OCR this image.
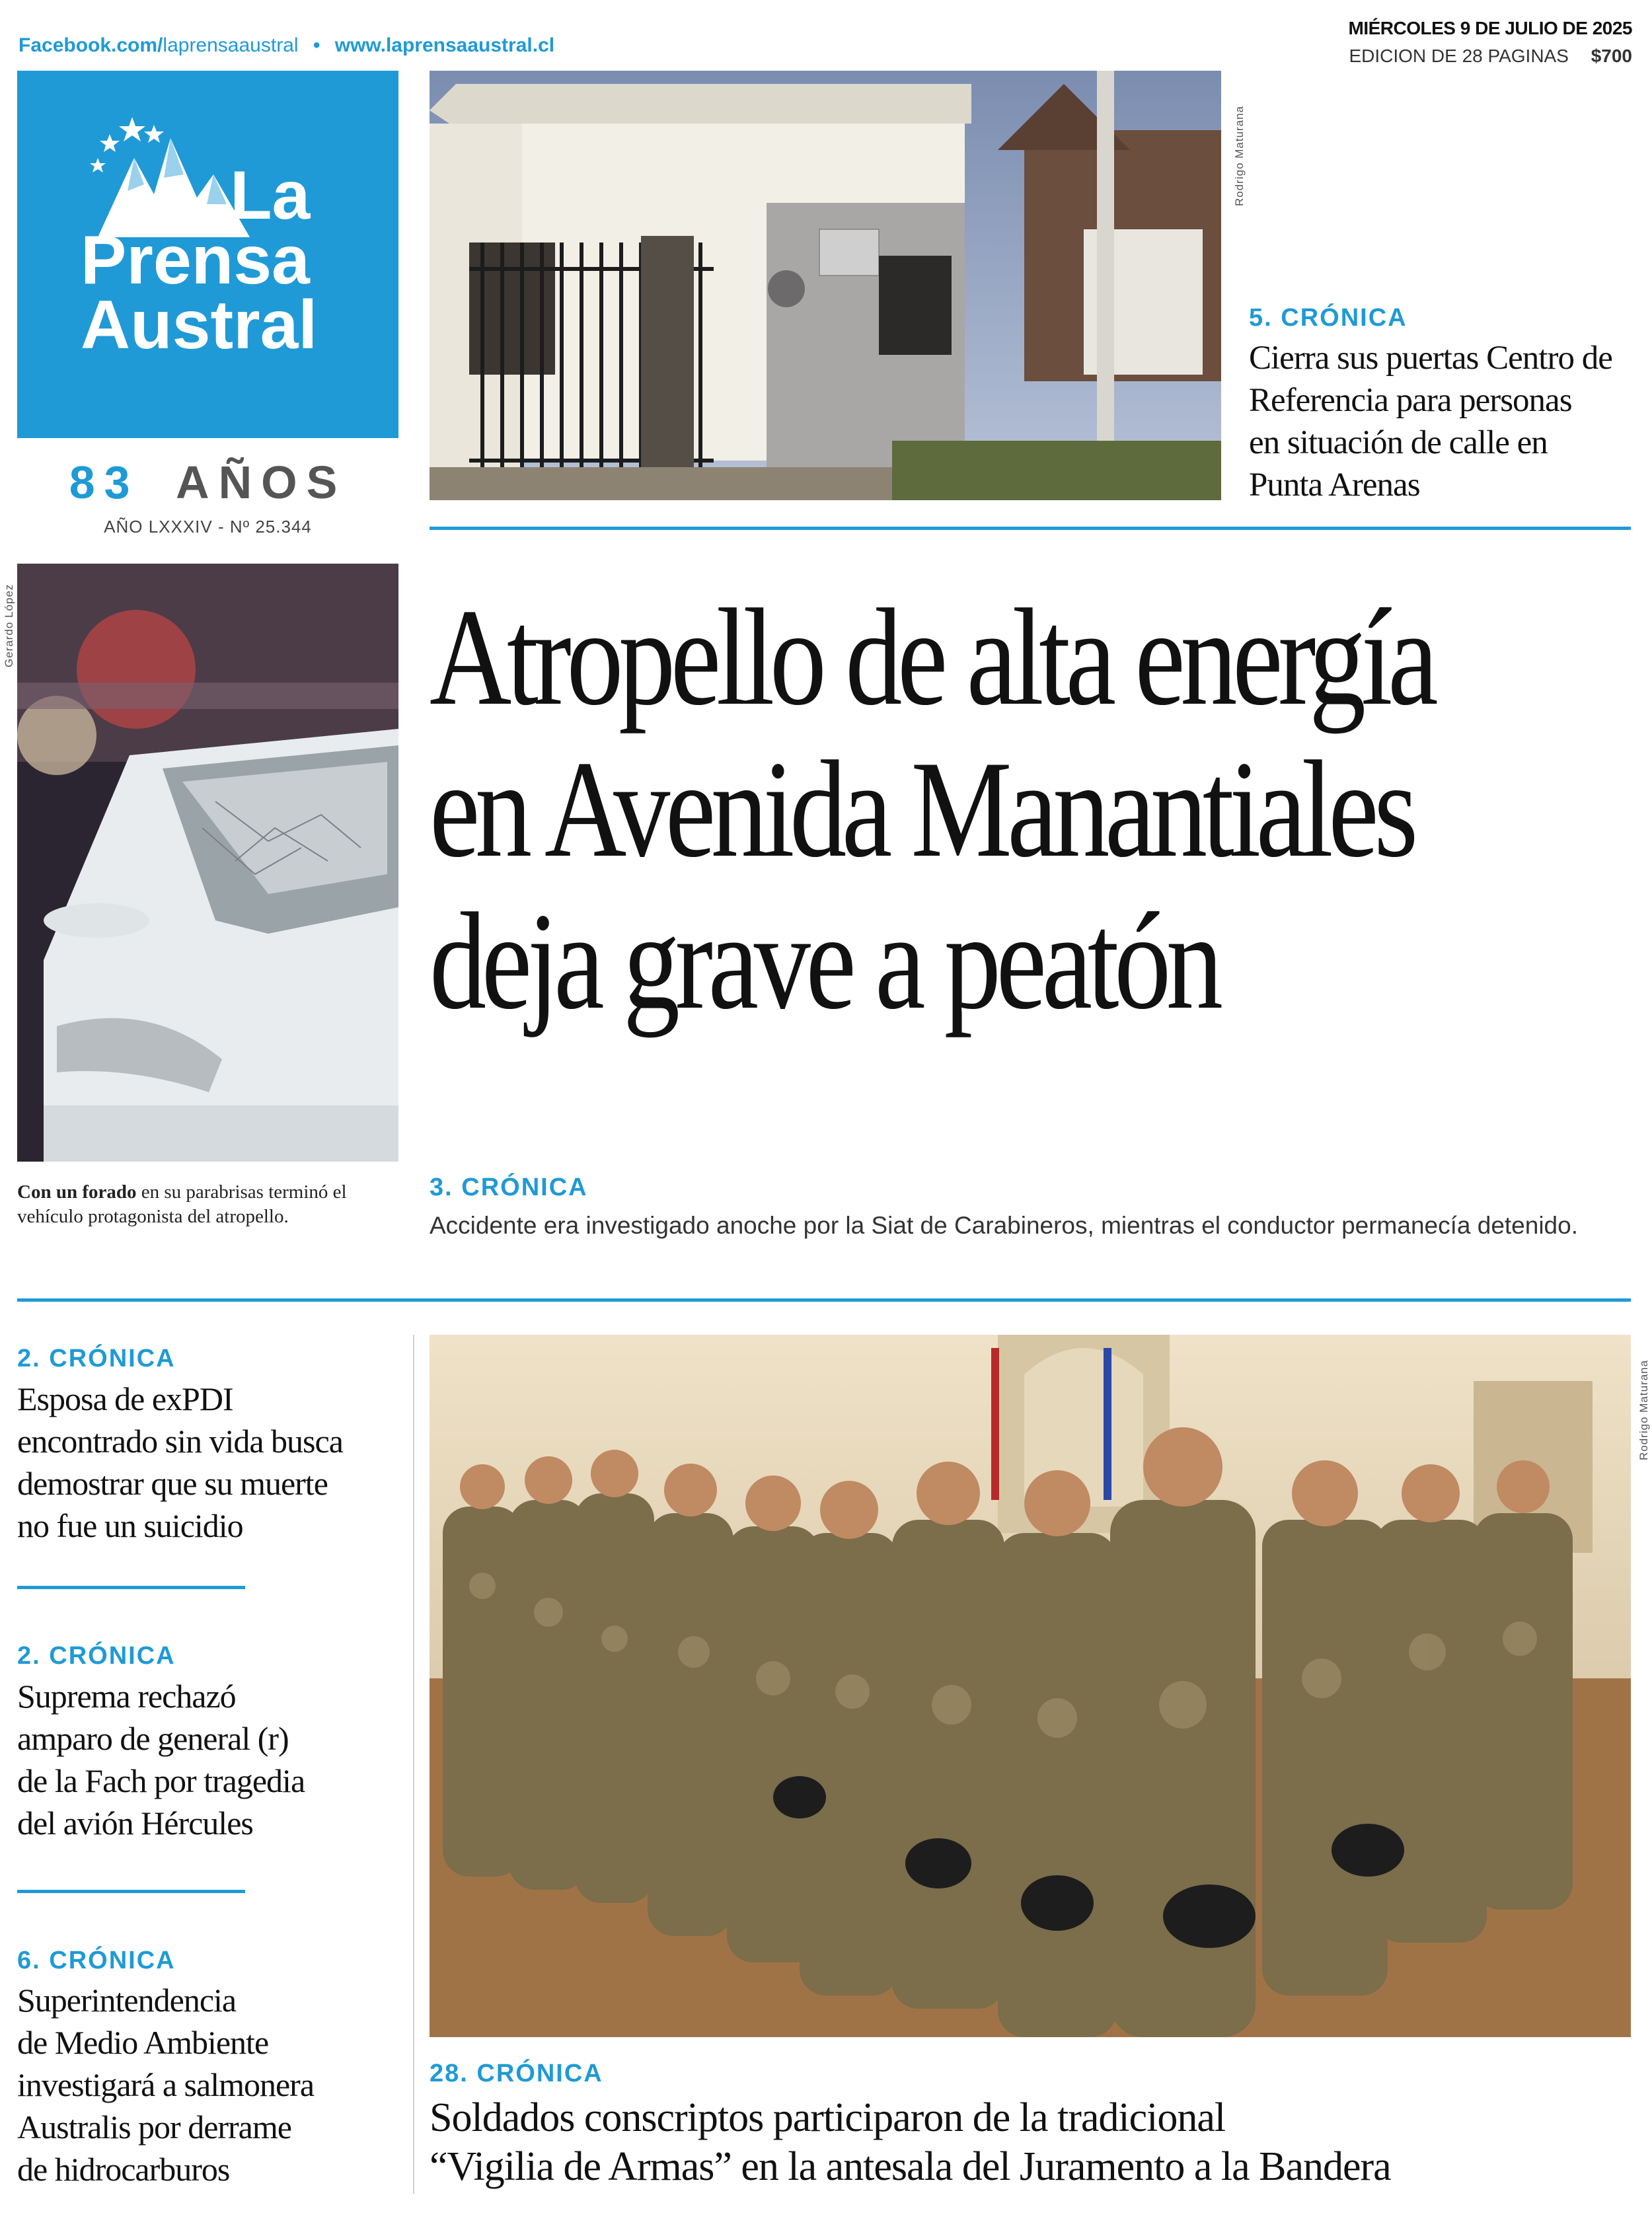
Facebook.com/laprensaaustral • www.laprensaaustral.cl
MIÉRCOLES 9 DE JULIO DE 2025
EDICION DE 28 PAGINAS $700
La
Prensa
Austral
83 AÑOS
AÑO LXXXIV - Nº 25.344
Rodrigo Maturana
5. CRÓNICA
Cierra sus puertas Centro de
Referencia para personas
en situación de calle en
Punta Arenas
Gerardo López	Atropello de alta energía
en Avenida Manantiales
deja grave a peatón
Con un forado en su parabrisas terminó el vehículo protagonista del atropello.
3. CRÓNICA
Accidente era investigado anoche por la Siat de Carabineros, mientras el conductor permanecía detenido.
2. CRÓNICA
Esposa de exPDI
encontrado sin vida busca
demostrar que su muerte
no fue un suicidio
2. CRÓNICA
Suprema rechazó
amparo de general (r)
de la Fach por tragedia
del avión Hércules
6. CRÓNICA
Superintendencia
de Medio Ambiente
investigará a salmonera
Australis por derrame
de hidrocarburos
Rodrigo Maturana
28. CRÓNICA
Soldados conscriptos participaron de la tradicional
“Vigilia de Armas” en la antesala del Juramento a la Bandera
